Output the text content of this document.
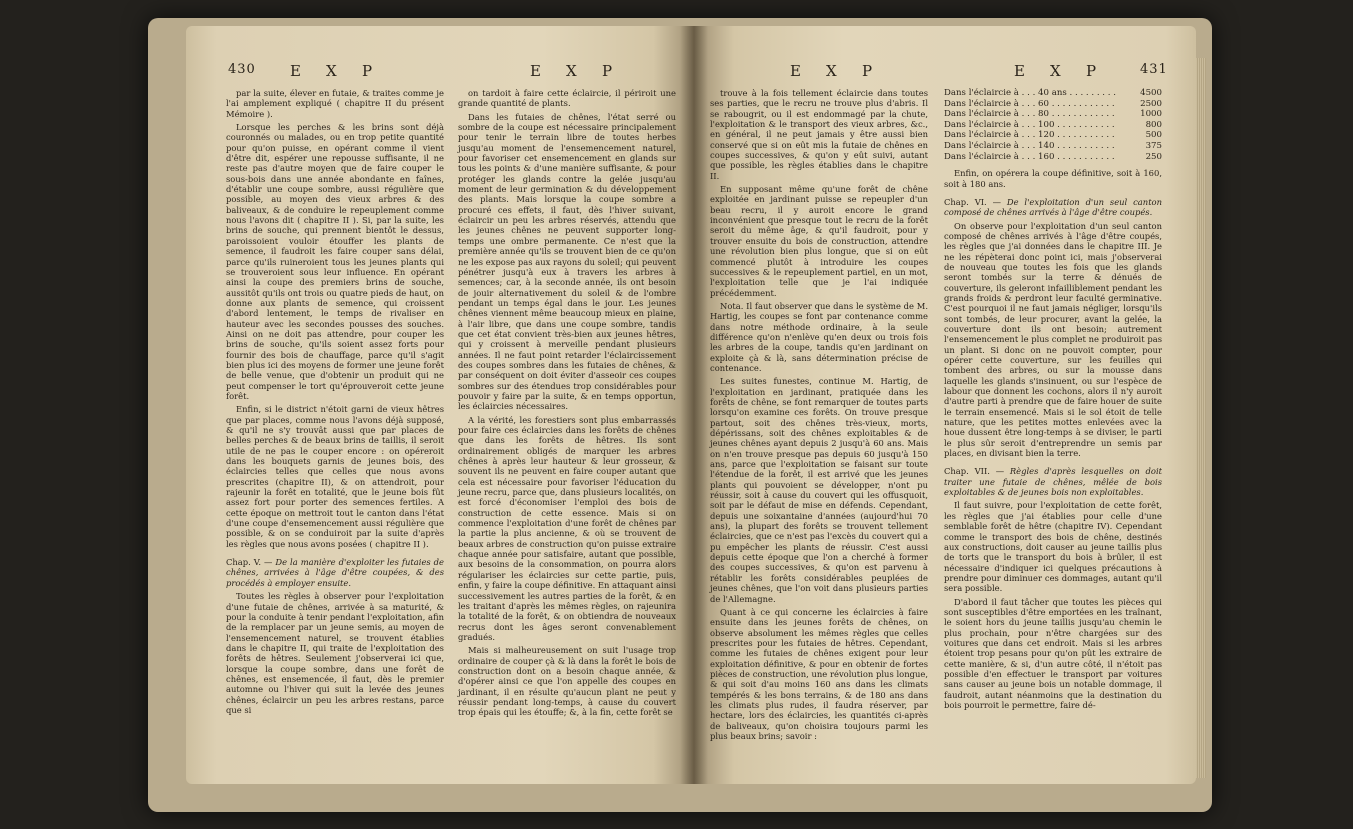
430 E X P	E X P

par la suite, élever en futaie, & traites comme je l'ai amplement expliqué ( chapitre II du présent Mémoire ).

Lorsque les perches & les brins sont déjà couronnés ou malades, ou en trop petite quantité pour qu'on puisse, en opérant comme il vient d'être dit, espérer une repousse suffisante, il ne reste pas d'autre moyen que de faire couper le sous-bois dans une année abondante en faînes, d'établir une coupe sombre, aussi régulière que possible, au moyen des vieux arbres & des baliveaux, & de conduire le repeuplement comme nous l'avons dit ( chapitre II ). Si, par la suite, les brins de souche, qui prennent bientôt le dessus, paroissoient vouloir étouffer les plants de semence, il faudroit les faire couper sans délai, parce qu'ils ruineroient tous les jeunes plants qui se trouveroient sous leur influence. En opérant ainsi la coupe des premiers brins de souche, aussitôt qu'ils ont trois ou quatre pieds de haut, on donne aux plants de semence, qui croissent d'abord lentement, le temps de rivaliser en hauteur avec les secondes pousses des souches. Ainsi on ne doit pas attendre, pour couper les brins de souche, qu'ils soient assez forts pour fournir des bois de chauffage, parce qu'il s'agit bien plus ici des moyens de former une jeune forêt de belle venue, que d'obtenir un produit qui ne peut compenser le tort qu'éprouveroit cette jeune forêt.

Enfin, si le district n'étoit garni de vieux hêtres que par places, comme nous l'avons déjà supposé, & qu'il ne s'y trouvât aussi que par places de belles perches & de beaux brins de taillis, il seroit utile de ne pas le couper encore : on opéreroit dans les bouquets garnis de jeunes bois, des éclaircies telles que celles que nous avons prescrites (chapitre II), & on attendroit, pour rajeunir la forêt en totalité, que le jeune bois fût assez fort pour porter des semences fertiles. A cette époque on mettroit tout le canton dans l'état d'une coupe d'ensemencement aussi régulière que possible, & on se conduiroit par la suite d'après les règles que nous avons posées ( chapitre II ).

Chap. V. — De la manière d'exploiter les futaies de chênes, arrivées à l'âge d'être coupées, & des procédés à employer ensuite.

Toutes les règles à observer pour l'exploitation d'une futaie de chênes, arrivée à sa maturité, & pour la conduite à tenir pendant l'exploitation, afin de la remplacer par un jeune semis, au moyen de l'ensemencement naturel, se trouvent établies dans le chapitre II, qui traite de l'exploitation des forêts de hêtres. Seulement j'observerai ici que, lorsque la coupe sombre, dans une forêt de chênes, est ensemencée, il faut, dès le premier automne ou l'hiver qui suit la levée des jeunes chênes, éclaircir un peu les arbres restans, parce que si

on tardoit à faire cette éclaircie, il périroit une grande quantité de plants.

Dans les futaies de chênes, l'état serré ou sombre de la coupe est nécessaire principalement pour tenir le terrain libre de toutes herbes jusqu'au moment de l'ensemencement naturel, pour favoriser cet ensemencement en glands sur tous les points & d'une manière suffisante, & pour protéger les glands contre la gelée jusqu'au moment de leur germination & du développement des plants. Mais lorsque la coupe sombre a procuré ces effets, il faut, dès l'hiver suivant, éclaircir un peu les arbres réservés, attendu que les jeunes chênes ne peuvent supporter long-temps une ombre permanente. Ce n'est que la première année qu'ils se trouvent bien de ce qu'on ne les expose pas aux rayons du soleil; qui peuvent pénétrer jusqu'à eux à travers les arbres à semences; car, à la seconde année, ils ont besoin de jouir alternativement du soleil & de l'ombre pendant un temps égal dans le jour. Les jeunes chênes viennent même beaucoup mieux en plaine, à l'air libre, que dans une coupe sombre, tandis que cet état convient très-bien aux jeunes hêtres, qui y croissent à merveille pendant plusieurs années. Il ne faut point retarder l'éclaircissement des coupes sombres dans les futaies de chênes, & par conséquent on doit éviter d'asseoir ces coupes sombres sur des étendues trop considérables pour pouvoir y faire par la suite, & en temps opportun, les éclaircies nécessaires.

A la vérité, les forestiers sont plus embarrassés pour faire ces éclaircies dans les forêts de chênes que dans les forêts de hêtres. Ils sont ordinairement obligés de marquer les arbres chênes à après leur hauteur & leur grosseur, & souvent ils ne peuvent en faire couper autant que cela est nécessaire pour favoriser l'éducation du jeune recru, parce que, dans plusieurs localités, on est forcé d'économiser l'emploi des bois de construction de cette essence. Mais si on commence l'exploitation d'une forêt de chênes par la partie la plus ancienne, & où se trouvent de beaux arbres de construction qu'on puisse extraire chaque année pour satisfaire, autant que possible, aux besoins de la consommation, on pourra alors régulariser les éclaircies sur cette partie, puis, enfin, y faire la coupe définitive. En attaquant ainsi successivement les autres parties de la forêt, & en les traitant d'après les mêmes règles, on rajeunira la totalité de la forêt, & on obtiendra de nouveaux recrus dont les âges seront convenablement gradués.

Mais si malheureusement on suit l'usage trop ordinaire de couper çà & là dans la forêt le bois de construction dont on a besoin chaque année, & d'opérer ainsi ce que l'on appelle des coupes en jardinant, il en résulte qu'aucun plant ne peut y réussir pendant long-temps, à cause du couvert trop épais qui les étouffe; &, à la fin, cette forêt se

E X P	E X P 431

trouve à la fois tellement éclaircie dans toutes ses parties, que le recru ne trouve plus d'abris. Il se rabougrit, ou il est endommagé par la chute, l'exploitation & le transport des vieux arbres, &c., en général, il ne peut jamais y être aussi bien conservé que si on eût mis la futaie de chênes en coupes successives, & qu'on y eût suivi, autant que possible, les règles établies dans le chapitre II.

En supposant même qu'une forêt de chêne exploitée en jardinant puisse se repeupler d'un beau recru, il y auroit encore le grand inconvénient que presque tout le recru de la forêt seroit du même âge, & qu'il faudroit, pour y trouver ensuite du bois de construction, attendre une révolution bien plus longue, que si on eût commencé plutôt à introduire les coupes successives & le repeuplement partiel, en un mot, l'exploitation telle que je l'ai indiquée précédemment.

Nota. Il faut observer que dans le système de M. Hartig, les coupes se font par contenance comme dans notre méthode ordinaire, à la seule différence qu'on n'enlève qu'en deux ou trois fois les arbres de la coupe, tandis qu'en jardinant on exploite çà & là, sans détermination précise de contenance.

Les suites funestes, continue M. Hartig, de l'exploitation en jardinant, pratiquée dans les forêts de chêne, se font remarquer de toutes parts lorsqu'on examine ces forêts. On trouve presque partout, soit des chênes très-vieux, morts, dépérissans, soit des chênes exploitables & de jeunes chênes ayant depuis 2 jusqu'à 60 ans. Mais on n'en trouve presque pas depuis 60 jusqu'à 150 ans, parce que l'exploitation se faisant sur toute l'étendue de la forêt, il est arrivé que les jeunes plants qui pouvoient se développer, n'ont pu réussir, soit à cause du couvert qui les offusquoit, soit par le défaut de mise en défends. Cependant, depuis une soixantaine d'années (aujourd'hui 70 ans), la plupart des forêts se trouvent tellement éclaircies, que ce n'est pas l'excès du couvert qui a pu empêcher les plants de réussir. C'est aussi depuis cette époque que l'on a cherché à former des coupes successives, & qu'on est parvenu à rétablir les forêts considérables peuplées de jeunes chênes, que l'on voit dans plusieurs parties de l'Allemagne.

Quant à ce qui concerne les éclaircies à faire ensuite dans les jeunes forêts de chênes, on observe absolument les mêmes règles que celles prescrites pour les futaies de hêtres. Cependant, comme les futaies de chênes exigent pour leur exploitation définitive, & pour en obtenir de fortes pièces de construction, une révolution plus longue, & qui soit d'au moins 160 ans dans les climats tempérés & les bons terrains, & de 180 ans dans les climats plus rudes, il faudra réserver, par hectare, lors des éclaircies, les quantités ci-après de baliveaux, qu'on choisira toujours parmi les plus beaux brins; savoir :

Dans l'éclaircie à . . . 40 ans . . . . . . . . .	4500
Dans l'éclaircie à . . . 60 . . . . . . . . . . . .	2500
Dans l'éclaircie à . . . 80 . . . . . . . . . . . .	1000
Dans l'éclaircie à . . . 100 . . . . . . . . . . .	800
Dans l'éclaircie à . . . 120 . . . . . . . . . . .	500
Dans l'éclaircie à . . . 140 . . . . . . . . . . .	375
Dans l'éclaircie à . . . 160 . . . . . . . . . . .	250

Enfin, on opérera la coupe définitive, soit à 160, soit à 180 ans.

Chap. VI. — De l'exploitation d'un seul canton composé de chênes arrivés à l'âge d'être coupés.

On observe pour l'exploitation d'un seul canton composé de chênes arrivés à l'âge d'être coupés, les règles que j'ai données dans le chapitre III. Je ne les répèterai donc point ici, mais j'observerai de nouveau que toutes les fois que les glands seront tombés sur la terre & dénués de couverture, ils geleront infailliblement pendant les grands froids & perdront leur faculté germinative. C'est pourquoi il ne faut jamais négliger, lorsqu'ils sont tombés, de leur procurer, avant la gelée, la couverture dont ils ont besoin; autrement l'ensemencement le plus complet ne produiroit pas un plant. Si donc on ne pouvoit compter, pour opérer cette couverture, sur les feuilles qui tombent des arbres, ou sur la mousse dans laquelle les glands s'insinuent, ou sur l'espèce de labour que donnent les cochons, alors il n'y auroit d'autre parti à prendre que de faire houer de suite le terrain ensemencé. Mais si le sol étoit de telle nature, que les petites mottes enlevées avec la houe dussent être long-temps à se diviser, le parti le plus sûr seroit d'entreprendre un semis par places, en divisant bien la terre.

Chap. VII. — Règles d'après lesquelles on doit traiter une futaie de chênes, mêlée de bois exploitables & de jeunes bois non exploitables.

Il faut suivre, pour l'exploitation de cette forêt, les règles que j'ai établies pour celle d'une semblable forêt de hêtre (chapitre IV). Cependant comme le transport des bois de chêne, destinés aux constructions, doit causer au jeune taillis plus de torts que le transport du bois à brûler, il est nécessaire d'indiquer ici quelques précautions à prendre pour diminuer ces dommages, autant qu'il sera possible.

D'abord il faut tâcher que toutes les pièces qui sont susceptibles d'être emportées en les traînant, le soient hors du jeune taillis jusqu'au chemin le plus prochain, pour n'être chargées sur des voitures que dans cet endroit. Mais si les arbres étoient trop pesans pour qu'on pût les extraire de cette manière, & si, d'un autre côté, il n'étoit pas possible d'en effectuer le transport par voitures sans causer au jeune bois un notable dommage, il faudroit, autant néanmoins que la destination du bois pourroit le permettre, faire dé-
